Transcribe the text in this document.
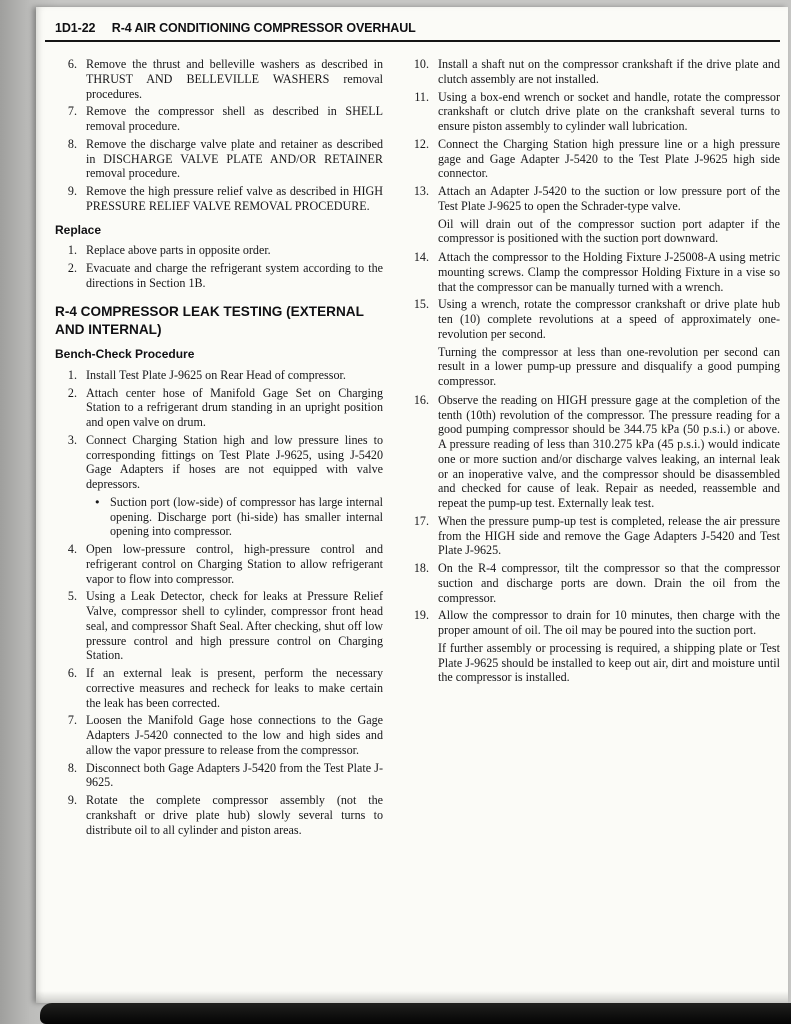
1D1-22 R-4 AIR CONDITIONING COMPRESSOR OVERHAUL
6. Remove the thrust and belleville washers as described in THRUST AND BELLEVILLE WASHERS removal procedures.
7. Remove the compressor shell as described in SHELL removal procedure.
8. Remove the discharge valve plate and retainer as described in DISCHARGE VALVE PLATE AND/OR RETAINER removal procedure.
9. Remove the high pressure relief valve as described in HIGH PRESSURE RELIEF VALVE REMOVAL PROCEDURE.
Replace
1. Replace above parts in opposite order.
2. Evacuate and charge the refrigerant system according to the directions in Section 1B.
R-4 COMPRESSOR LEAK TESTING (EXTERNAL AND INTERNAL)
Bench-Check Procedure
1. Install Test Plate J-9625 on Rear Head of compressor.
2. Attach center hose of Manifold Gage Set on Charging Station to a refrigerant drum standing in an upright position and open valve on drum.
3. Connect Charging Station high and low pressure lines to corresponding fittings on Test Plate J-9625, using J-5420 Gage Adapters if hoses are not equipped with valve depressors.
● Suction port (low-side) of compressor has large internal opening. Discharge port (hi-side) has smaller internal opening into compressor.
4. Open low-pressure control, high-pressure control and refrigerant control on Charging Station to allow refrigerant vapor to flow into compressor.
5. Using a Leak Detector, check for leaks at Pressure Relief Valve, compressor shell to cylinder, compressor front head seal, and compressor Shaft Seal. After checking, shut off low pressure control and high pressure control on Charging Station.
6. If an external leak is present, perform the necessary corrective measures and recheck for leaks to make certain the leak has been corrected.
7. Loosen the Manifold Gage hose connections to the Gage Adapters J-5420 connected to the low and high sides and allow the vapor pressure to release from the compressor.
8. Disconnect both Gage Adapters J-5420 from the Test Plate J-9625.
9. Rotate the complete compressor assembly (not the crankshaft or drive plate hub) slowly several turns to distribute oil to all cylinder and piston areas.
10. Install a shaft nut on the compressor crankshaft if the drive plate and clutch assembly are not installed.
11. Using a box-end wrench or socket and handle, rotate the compressor crankshaft or clutch drive plate on the crankshaft several turns to ensure piston assembly to cylinder wall lubrication.
12. Connect the Charging Station high pressure line or a high pressure gage and Gage Adapter J-5420 to the Test Plate J-9625 high side connector.
13. Attach an Adapter J-5420 to the suction or low pressure port of the Test Plate J-9625 to open the Schrader-type valve.
Oil will drain out of the compressor suction port adapter if the compressor is positioned with the suction port downward.
14. Attach the compressor to the Holding Fixture J-25008-A using metric mounting screws. Clamp the compressor Holding Fixture in a vise so that the compressor can be manually turned with a wrench.
15. Using a wrench, rotate the compressor crankshaft or drive plate hub ten (10) complete revolutions at a speed of approximately one-revolution per second.
Turning the compressor at less than one-revolution per second can result in a lower pump-up pressure and disqualify a good pumping compressor.
16. Observe the reading on HIGH pressure gage at the completion of the tenth (10th) revolution of the compressor. The pressure reading for a good pumping compressor should be 344.75 kPa (50 p.s.i.) or above. A pressure reading of less than 310.275 kPa (45 p.s.i.) would indicate one or more suction and/or discharge valves leaking, an internal leak or an inoperative valve, and the compressor should be disassembled and checked for cause of leak. Repair as needed, reassemble and repeat the pump-up test. Externally leak test.
17. When the pressure pump-up test is completed, release the air pressure from the HIGH side and remove the Gage Adapters J-5420 and Test Plate J-9625.
18. On the R-4 compressor, tilt the compressor so that the compressor suction and discharge ports are down. Drain the oil from the compressor.
19. Allow the compressor to drain for 10 minutes, then charge with the proper amount of oil. The oil may be poured into the suction port.
If further assembly or processing is required, a shipping plate or Test Plate J-9625 should be installed to keep out air, dirt and moisture until the compressor is installed.
